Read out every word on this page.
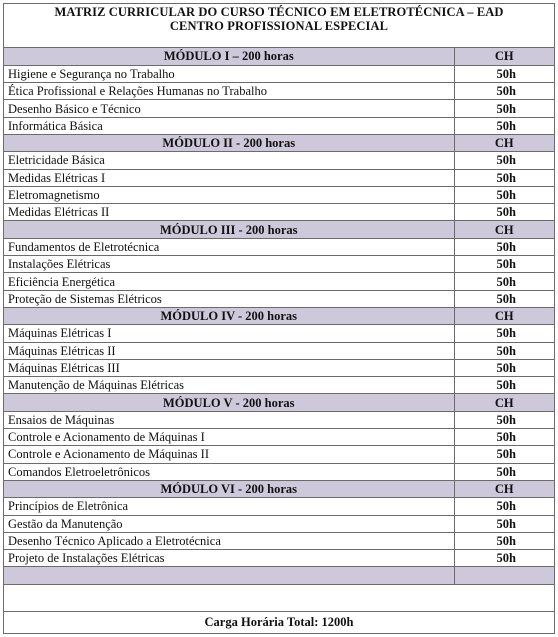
MATRIZ CURRICULAR DO CURSO TÉCNICO EM ELETROTÉCNICA – EAD
CENTRO PROFISSIONAL ESPECIAL
MÓDULO I – 200 horas	CH
Higiene e Segurança no Trabalho	50h
Ética Profissional e Relações Humanas no Trabalho	50h
Desenho Básico e Técnico	50h
Informática Básica	50h
MÓDULO II - 200 horas	CH
Eletricidade Básica	50h
Medidas Elétricas I	50h
Eletromagnetismo	50h
Medidas Elétricas II	50h
MÓDULO III - 200 horas	CH
Fundamentos de Eletrotécnica	50h
Instalações Elétricas	50h
Eficiência Energética	50h
Proteção de Sistemas Elétricos	50h
MÓDULO IV - 200 horas	CH
Máquinas Elétricas I	50h
Máquinas Elétricas II	50h
Máquinas Elétricas III	50h
Manutenção de Máquinas Elétricas	50h
MÓDULO V - 200 horas	CH
Ensaios de Máquinas	50h
Controle e Acionamento de Máquinas I	50h
Controle e Acionamento de Máquinas II	50h
Comandos Eletroeletrônicos	50h
MÓDULO VI - 200 horas	CH
Princípios de Eletrônica	50h
Gestão da Manutenção	50h
Desenho Técnico Aplicado a Eletrotécnica	50h
Projeto de Instalações Elétricas	50h

Carga Horária Total: 1200h
